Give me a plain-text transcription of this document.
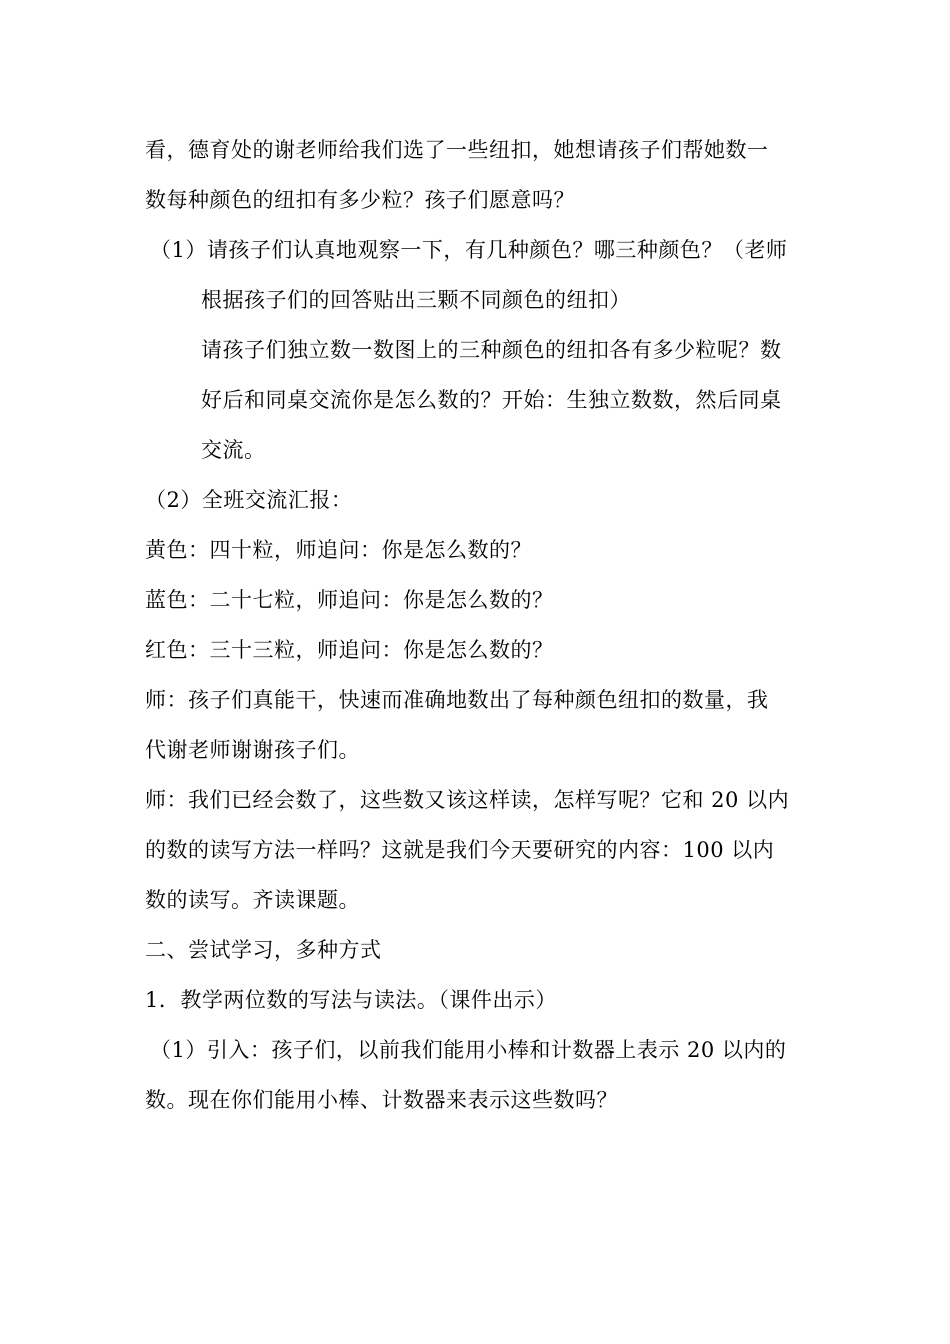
看，德育处的谢老师给我们选了一些纽扣，她想请孩子们帮她数一
数每种颜色的纽扣有多少粒？孩子们愿意吗？
（1）请孩子们认真地观察一下，有几种颜色？哪三种颜色？（老师
根据孩子们的回答贴出三颗不同颜色的纽扣）
请孩子们独立数一数图上的三种颜色的纽扣各有多少粒呢？数
好后和同桌交流你是怎么数的？开始：生独立数数，然后同桌
交流。
（2）全班交流汇报：
黄色：四十粒，师追问：你是怎么数的？
蓝色：二十七粒，师追问：你是怎么数的？
红色：三十三粒，师追问：你是怎么数的？
师：孩子们真能干，快速而准确地数出了每种颜色纽扣的数量，我
代谢老师谢谢孩子们。
师：我们已经会数了，这些数又该这样读，怎样写呢？它和 20 以内
的数的读写方法一样吗？这就是我们今天要研究的内容：100 以内
数的读写。齐读课题。
二、尝试学习，多种方式
1．教学两位数的写法与读法。（课件出示）
（1）引入：孩子们，以前我们能用小棒和计数器上表示 20 以内的
数。现在你们能用小棒、计数器来表示这些数吗？
